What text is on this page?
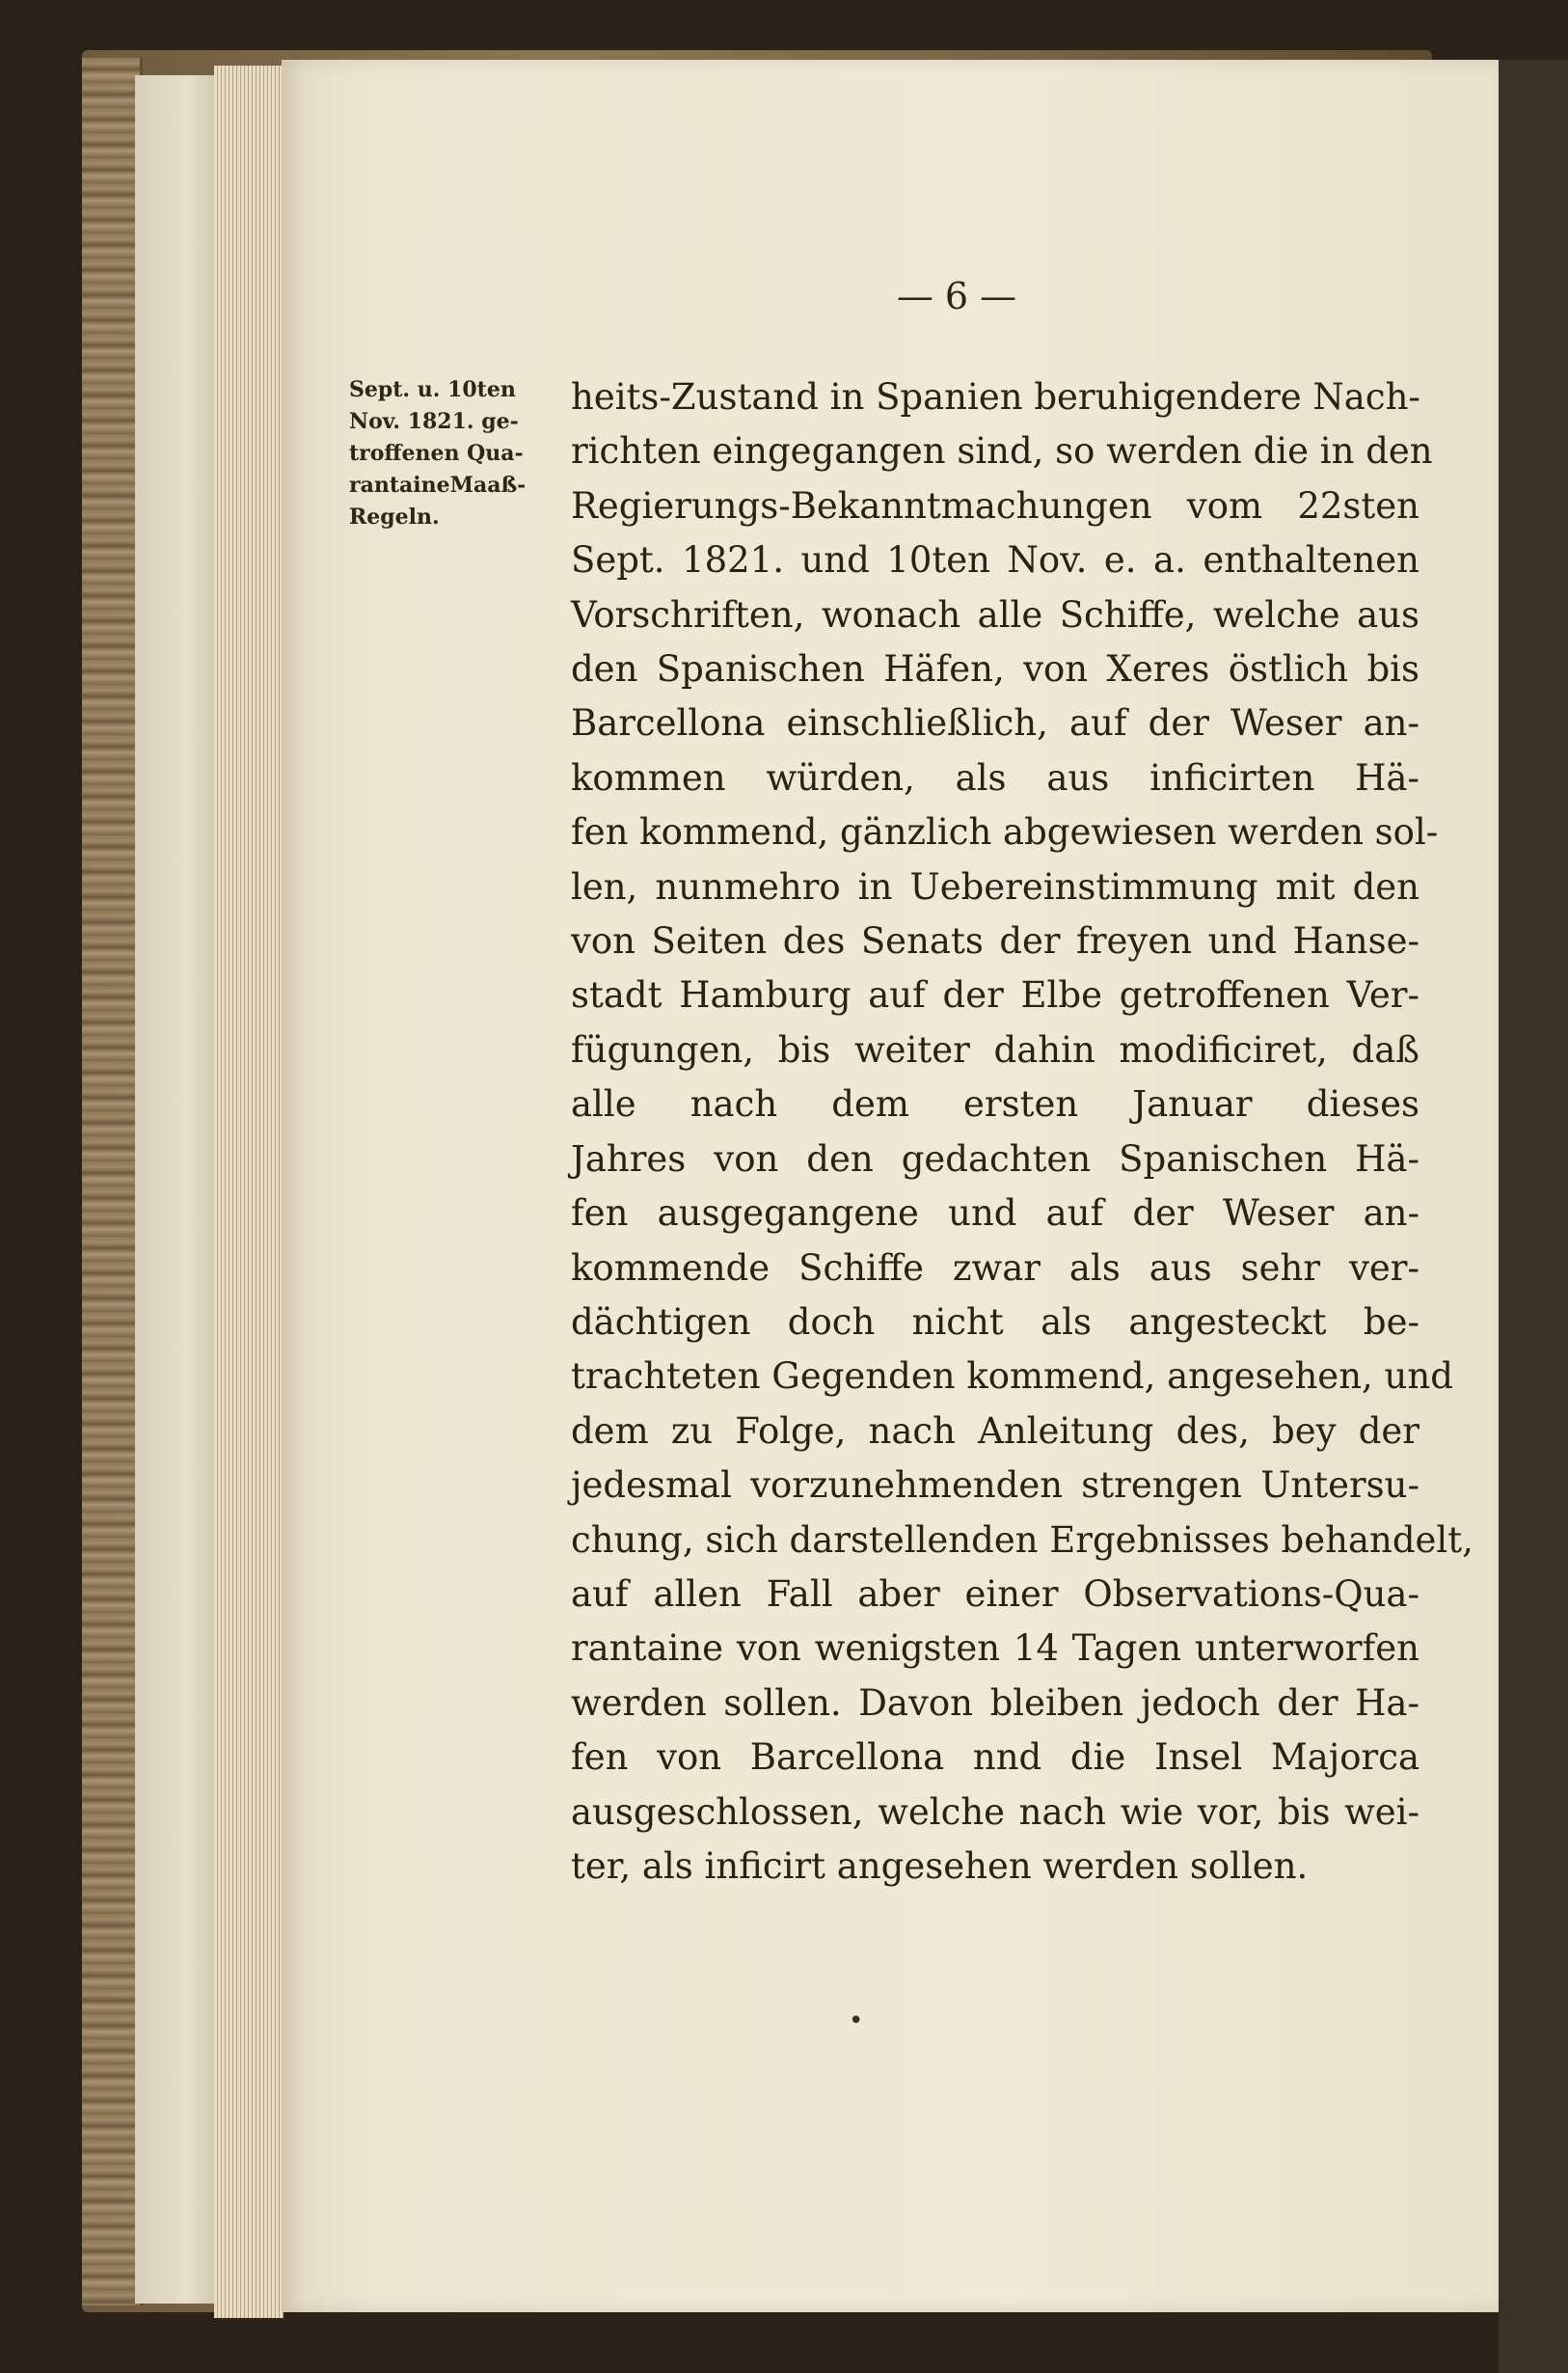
— 6 —
Sept. u. 10ten
Nov. 1821. ge-
troffenen Qua-
rantaineMaaß-
Regeln.
heits-Zustand in Spanien beruhigendere Nach-
richten eingegangen sind, so werden die in den
Regierungs-Bekanntmachungen vom 22sten
Sept. 1821. und 10ten Nov. e. a. enthaltenen
Vorschriften, wonach alle Schiffe, welche aus
den Spanischen Häfen, von Xeres östlich bis
Barcellona einschließlich, auf der Weser an-
kommen würden, als aus inficirten Hä-
fen kommend, gänzlich abgewiesen werden sol-
len, nunmehro in Uebereinstimmung mit den
von Seiten des Senats der freyen und Hanse-
stadt Hamburg auf der Elbe getroffenen Ver-
fügungen, bis weiter dahin modificiret, daß
alle nach dem ersten Januar dieses
Jahres von den gedachten Spanischen Hä-
fen ausgegangene und auf der Weser an-
kommende Schiffe zwar als aus sehr ver-
dächtigen doch nicht als angesteckt be-
trachteten Gegenden kommend, angesehen, und
dem zu Folge, nach Anleitung des, bey der
jedesmal vorzunehmenden strengen Untersu-
chung, sich darstellenden Ergebnisses behandelt,
auf allen Fall aber einer Observations-Qua-
rantaine von wenigsten 14 Tagen unterworfen
werden sollen. Davon bleiben jedoch der Ha-
fen von Barcellona nnd die Insel Majorca
ausgeschlossen, welche nach wie vor, bis wei-
ter, als inficirt angesehen werden sollen.
•
